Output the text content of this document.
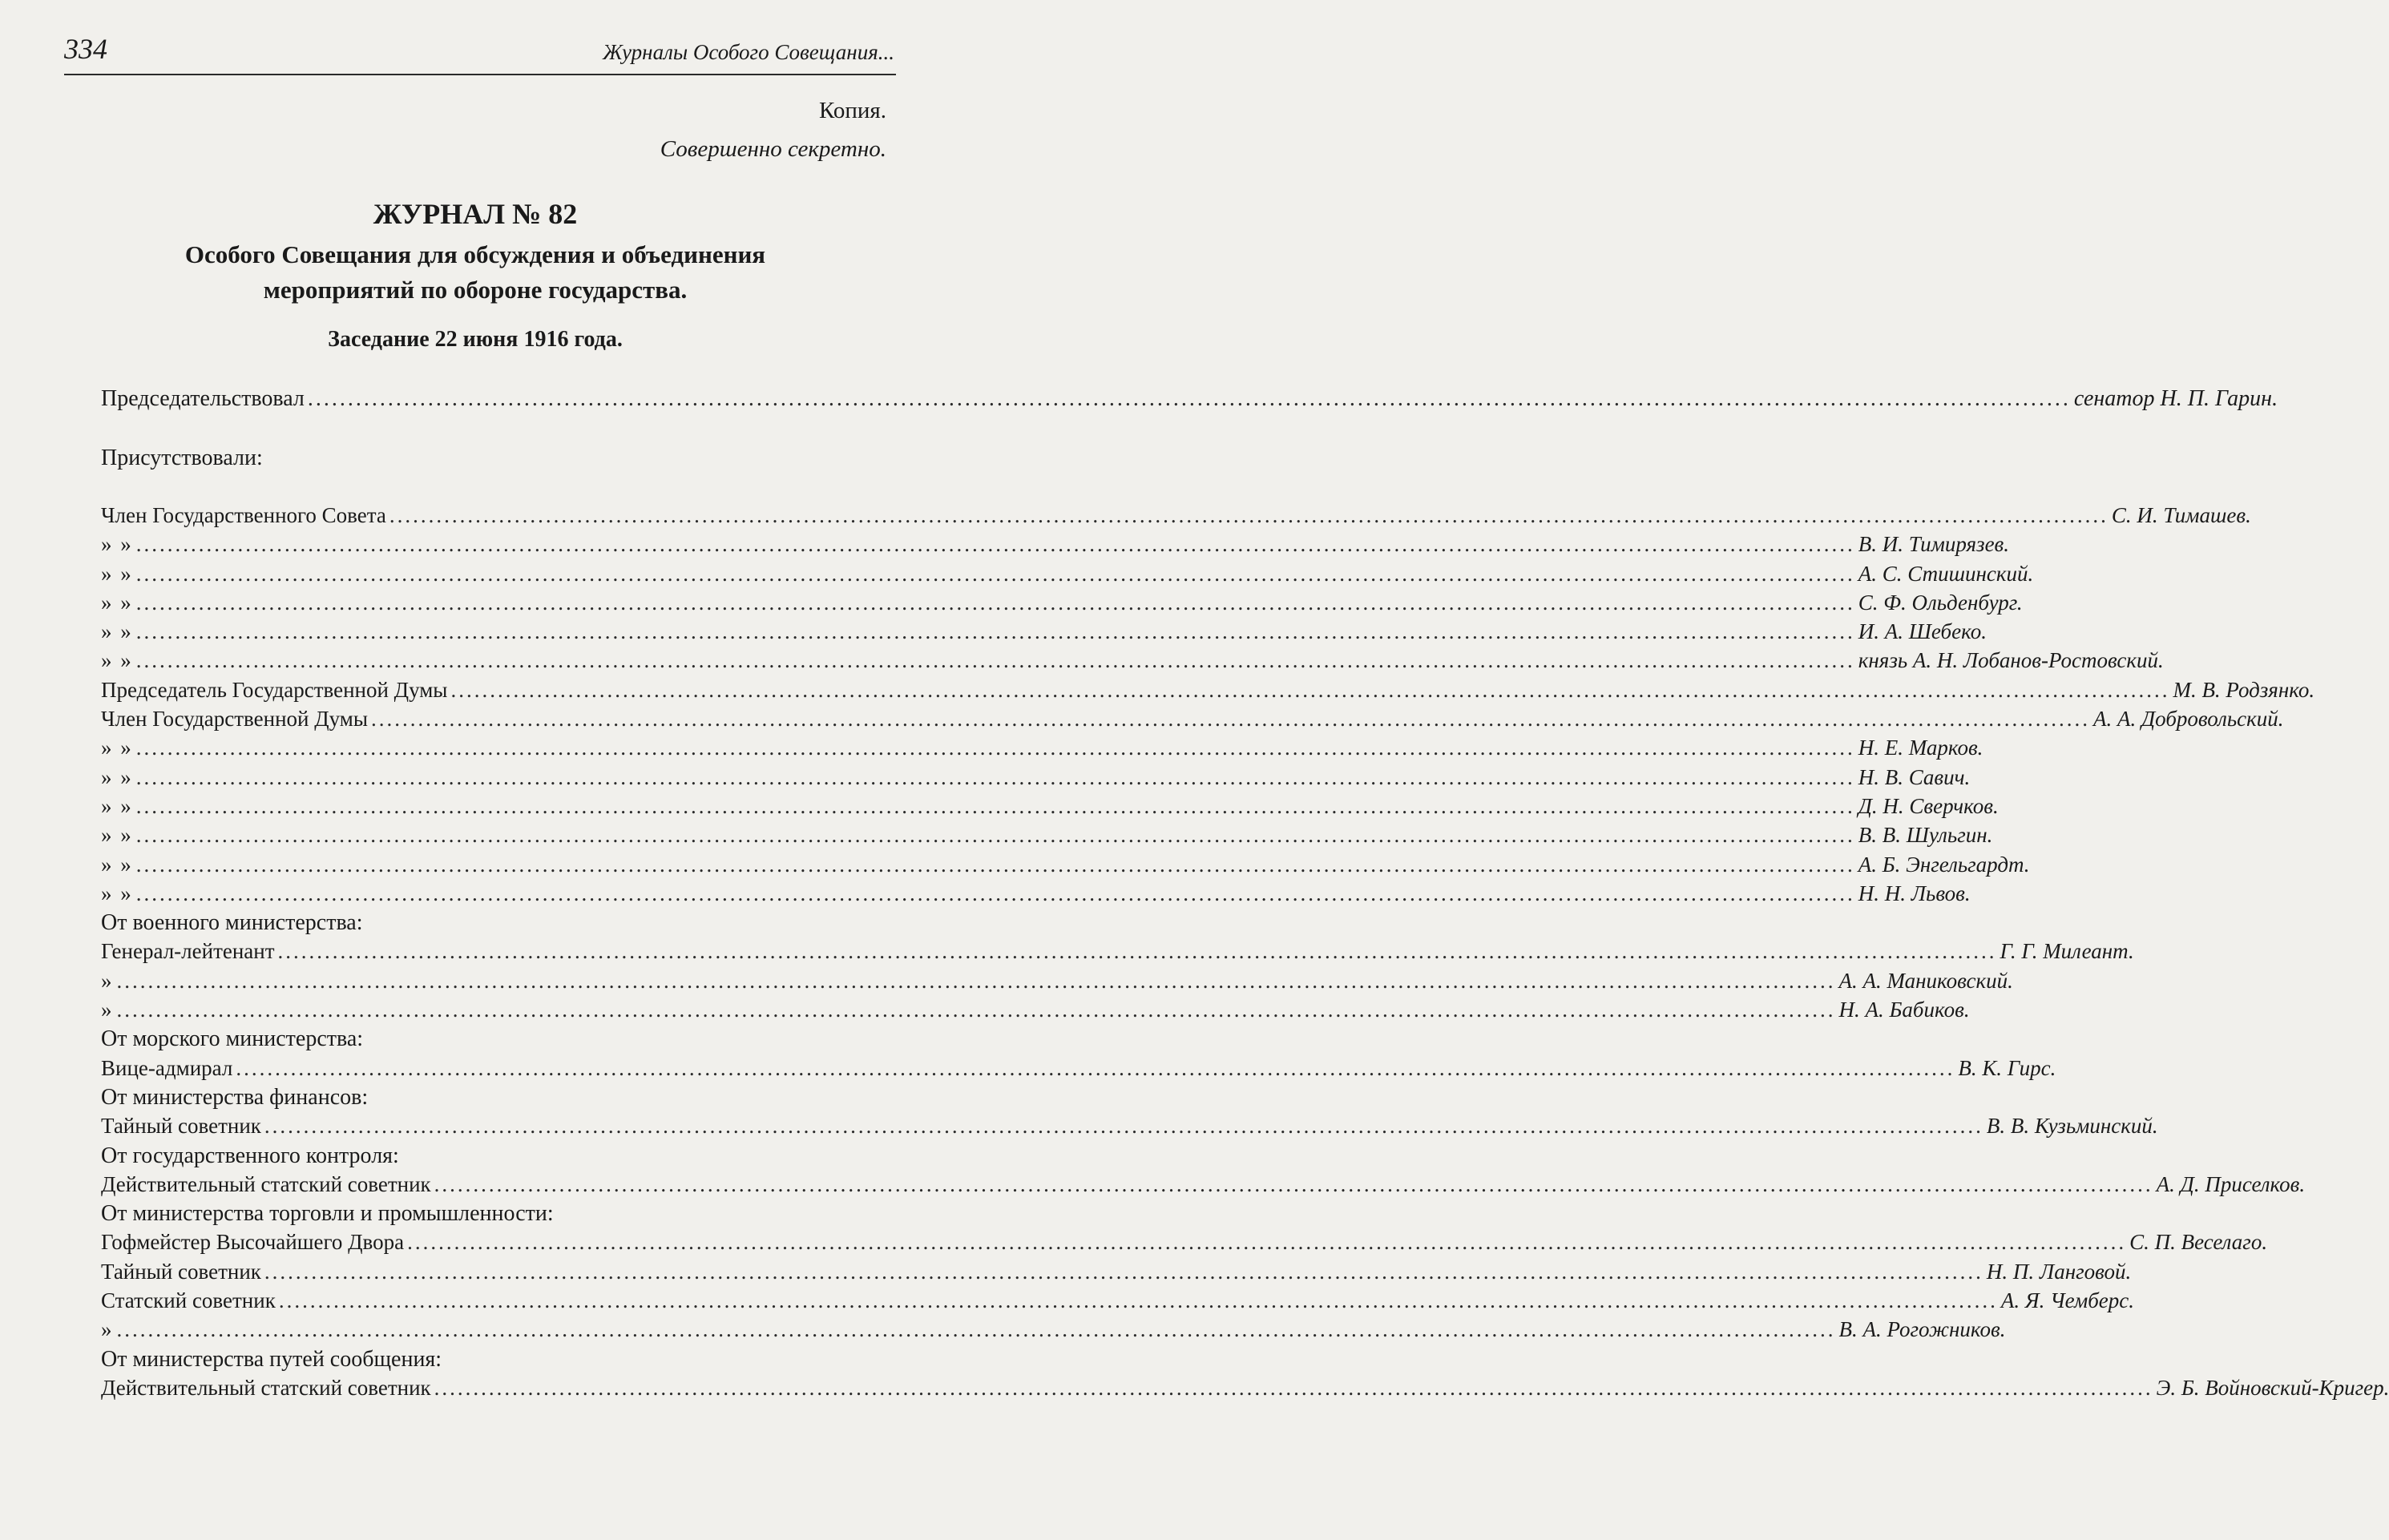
334	Журналы Особого Совещания...
Копия.
Совершенно секретно.
ЖУРНАЛ № 82
Особого Совещания для обсуждения и объединения
мероприятий по обороне государства.
Заседание 22 июня 1916 года.
Председательствовал ............................................................................................................................................................................................................................ сенатор Н. П. Гарин.
Присутствовали:
Член Государственного Совета ............................................................................................................................................................................................................................ С. И. Тимашев.
» » ............................................................................................................................................................................................................................ В. И. Тимирязев.
» » ............................................................................................................................................................................................................................ А. С. Стишинский.
» » ............................................................................................................................................................................................................................ С. Ф. Ольденбург.
» » ............................................................................................................................................................................................................................ И. А. Шебеко.
» » ............................................................................................................................................................................................................................ князь А. Н. Лобанов-Ростовский.
Председатель Государственной Думы ............................................................................................................................................................................................................................ М. В. Родзянко.
Член Государственной Думы ............................................................................................................................................................................................................................ А. А. Добровольский.
» » ............................................................................................................................................................................................................................ Н. Е. Марков.
» » ............................................................................................................................................................................................................................ Н. В. Савич.
» » ............................................................................................................................................................................................................................ Д. Н. Сверчков.
» » ............................................................................................................................................................................................................................ В. В. Шульгин.
» » ............................................................................................................................................................................................................................ А. Б. Энгельгардт.
» » ............................................................................................................................................................................................................................ Н. Н. Львов.
От военного министерства:
Генерал-лейтенант ............................................................................................................................................................................................................................ Г. Г. Милеант.
» ............................................................................................................................................................................................................................ А. А. Маниковский.
» ............................................................................................................................................................................................................................ Н. А. Бабиков.
От морского министерства:
Вице-адмирал ............................................................................................................................................................................................................................ В. К. Гирс.
От министерства финансов:
Тайный советник ............................................................................................................................................................................................................................ В. В. Кузьминский.
От государственного контроля:
Действительный статский советник ............................................................................................................................................................................................................................ А. Д. Приселков.
От министерства торговли и промышленности:
Гофмейстер Высочайшего Двора ............................................................................................................................................................................................................................ С. П. Веселаго.
Тайный советник ............................................................................................................................................................................................................................ Н. П. Ланговой.
Статский советник ............................................................................................................................................................................................................................ А. Я. Чемберс.
» ............................................................................................................................................................................................................................ В. А. Рогожников.
От министерства путей сообщения:
Действительный статский советник ............................................................................................................................................................................................................................ Э. Б. Войновский-Кригер.
